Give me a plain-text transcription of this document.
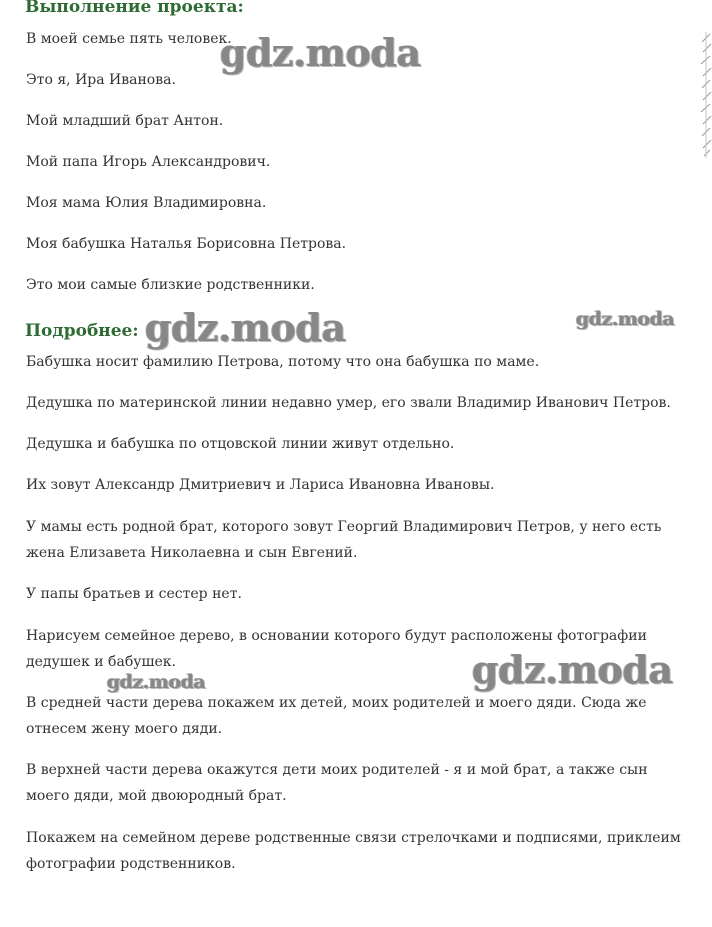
Выполнение проекта:

В моей семье пять человек.

Это я, Ира Иванова.

Мой младший брат Антон.

Мой папа Игорь Александрович.

Моя мама Юлия Владимировна.

Моя бабушка Наталья Борисовна Петрова.

Это мои самые близкие родственники.

Подробнее:

Бабушка носит фамилию Петрова, потому что она бабушка по маме.

Дедушка по материнской линии недавно умер, его звали Владимир Иванович Петров.

Дедушка и бабушка по отцовской линии живут отдельно.

Их зовут Александр Дмитриевич и Лариса Ивановна Ивановы.

У мамы есть родной брат, которого зовут Георгий Владимирович Петров, у него есть жена Елизавета Николаевна и сын Евгений.

У папы братьев и сестер нет.

Нарисуем семейное дерево, в основании которого будут расположены фотографии дедушек и бабушек.

В средней части дерева покажем их детей, моих родителей и моего дяди. Сюда же отнесем жену моего дяди.

В верхней части дерева окажутся дети моих родителей - я и мой брат, а также сын моего дяди, мой двоюродный брат.

Покажем на семейном дереве родственные связи стрелочками и подписями, приклеим фотографии родственников.

gdz.moda
gdz.moda	gdz.moda
gdz.moda
gdz.moda
